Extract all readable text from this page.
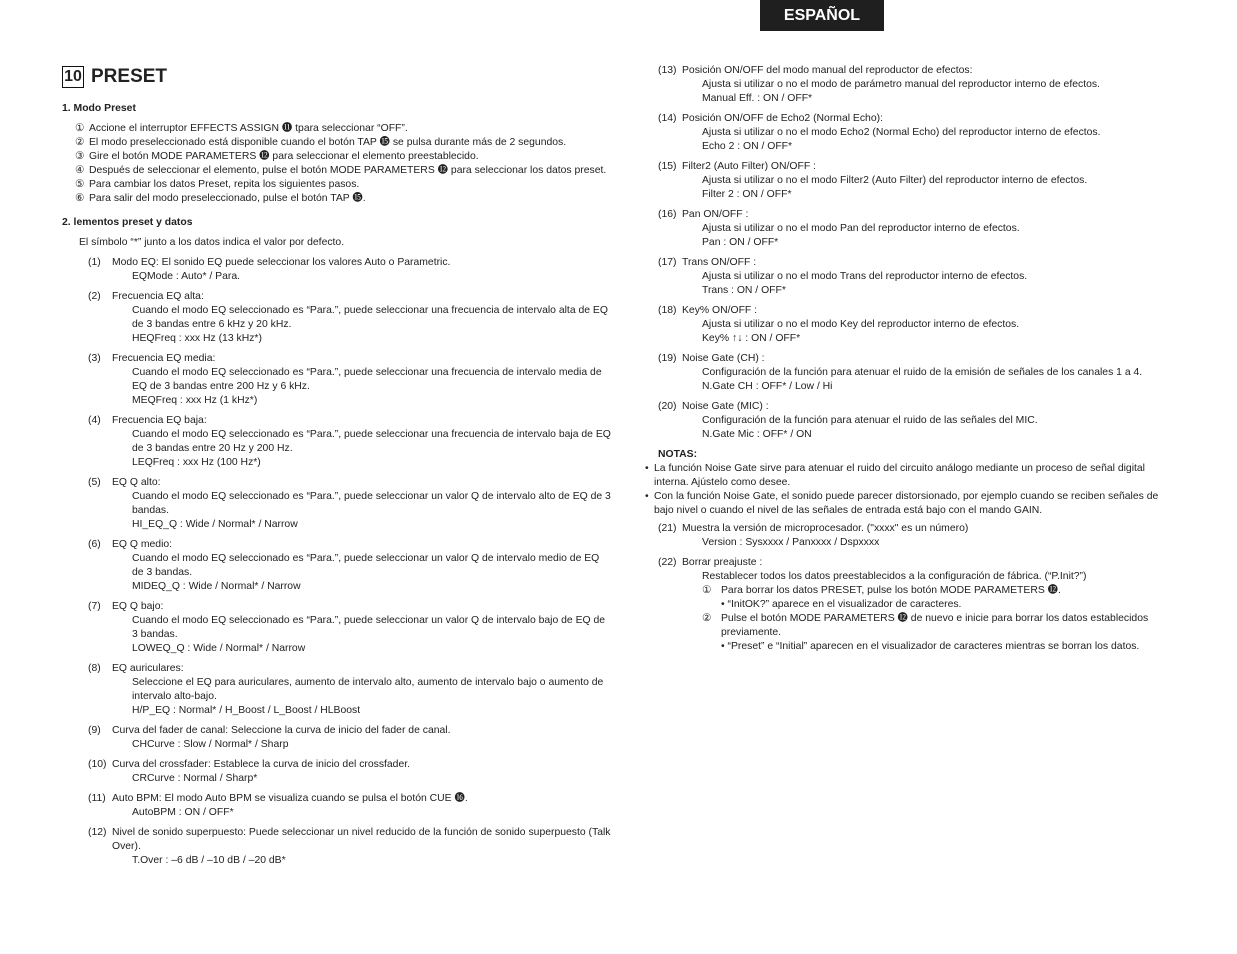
ESPAÑOL
10 PRESET
1. Modo Preset
① Accione el interruptor EFFECTS ASSIGN ⓫ tpara seleccionar “OFF”.
② El modo preseleccionado está disponible cuando el botón TAP ⓯ se pulsa durante más de 2 segundos.
③ Gire el botón MODE PARAMETERS ⓬ para seleccionar el elemento preestablecido.
④ Después de seleccionar el elemento, pulse el botón MODE PARAMETERS ⓬ para seleccionar los datos preset.
⑤ Para cambiar los datos Preset, repita los siguientes pasos.
⑥ Para salir del modo preseleccionado, pulse el botón TAP ⓯.
2. lementos preset y datos
El símbolo “*” junto a los datos indica el valor por defecto.
(1)	Modo EQ: El sonido EQ puede seleccionar los valores Auto o Parametric.
EQMode : Auto* / Para.
(2)	Frecuencia EQ alta:
Cuando el modo EQ seleccionado es “Para.”, puede seleccionar una frecuencia de intervalo alta de EQ de 3 bandas entre 6 kHz y 20 kHz.
HEQFreq : xxx Hz (13 kHz*)
(3)	Frecuencia EQ media:
Cuando el modo EQ seleccionado es “Para.”, puede seleccionar una frecuencia de intervalo media de EQ de 3 bandas entre 200 Hz y 6 kHz.
MEQFreq : xxx Hz (1 kHz*)
(4)	Frecuencia EQ baja:
Cuando el modo EQ seleccionado es “Para.”, puede seleccionar una frecuencia de intervalo baja de EQ de 3 bandas entre 20 Hz y 200 Hz.
LEQFreq : xxx Hz (100 Hz*)
(5)	EQ Q alto:
Cuando el modo EQ seleccionado es “Para.”, puede seleccionar un valor Q de intervalo alto de EQ de 3 bandas.
HI_EQ_Q : Wide / Normal* / Narrow
(6)	EQ Q medio:
Cuando el modo EQ seleccionado es “Para.”, puede seleccionar un valor Q de intervalo medio de EQ de 3 bandas.
MIDEQ_Q : Wide / Normal* / Narrow
(7)	EQ Q bajo:
Cuando el modo EQ seleccionado es “Para.”, puede seleccionar un valor Q de intervalo bajo de EQ de 3 bandas.
LOWEQ_Q : Wide / Normal* / Narrow
(8)	EQ auriculares:
Seleccione el EQ para auriculares, aumento de intervalo alto, aumento de intervalo bajo o aumento de intervalo alto-bajo.
H/P_EQ : Normal* / H_Boost / L_Boost / HLBoost
(9)	Curva del fader de canal: Seleccione la curva de inicio del fader de canal.
CHCurve : Slow / Normal* / Sharp
(10) Curva del crossfader: Establece la curva de inicio del crossfader.
CRCurve : Normal / Sharp*
(11) Auto BPM: El modo Auto BPM se visualiza cuando se pulsa el botón CUE ⓰.
AutoBPM : ON / OFF*
(12) Nivel de sonido superpuesto: Puede seleccionar un nivel reducido de la función de sonido superpuesto (Talk Over).
T.Over : –6 dB / –10 dB / –20 dB*
(13) Posición ON/OFF del modo manual del reproductor de efectos:
Ajusta si utilizar o no el modo de parámetro manual del reproductor interno de efectos.
Manual Eff. : ON / OFF*
(14) Posición ON/OFF de Echo2 (Normal Echo):
Ajusta si utilizar o no el modo Echo2 (Normal Echo) del reproductor interno de efectos.
Echo 2 : ON / OFF*
(15) Filter2 (Auto Filter) ON/OFF :
Ajusta si utilizar o no el modo Filter2 (Auto Filter) del reproductor interno de efectos.
Filter 2 : ON / OFF*
(16) Pan ON/OFF :
Ajusta si utilizar o no el modo Pan del reproductor interno de efectos.
Pan : ON / OFF*
(17) Trans ON/OFF :
Ajusta si utilizar o no el modo Trans del reproductor interno de efectos.
Trans : ON / OFF*
(18) Key% ON/OFF :
Ajusta si utilizar o no el modo Key del reproductor interno de efectos.
Key% ↑↓ : ON / OFF*
(19) Noise Gate (CH) :
Configuración de la función para atenuar el ruido de la emisión de señales de los canales 1 a 4.
N.Gate CH : OFF* / Low / Hi
(20) Noise Gate (MIC) :
Configuración de la función para atenuar el ruido de las señales del MIC.
N.Gate Mic : OFF* / ON
NOTAS:
• La función Noise Gate sirve para atenuar el ruido del circuito análogo mediante un proceso de señal digital interna. Ajústelo como desee.
• Con la función Noise Gate, el sonido puede parecer distorsionado, por ejemplo cuando se reciben señales de bajo nivel o cuando el nivel de las señales de entrada está bajo con el mando GAIN.
(21) Muestra la versión de microprocesador. ("xxxx" es un número)
Version : Sysxxxx / Panxxxx / Dspxxxx
(22) Borrar preajuste :
Restablecer todos los datos preestablecidos a la configuración de fábrica. (“P.Init?”)
① Para borrar los datos PRESET, pulse los botón MODE PARAMETERS ⓬.
• “InitOK?” aparece en el visualizador de caracteres.
② Pulse el botón MODE PARAMETERS ⓬ de nuevo e inicie para borrar los datos establecidos previamente.
• “Preset” e “Initial” aparecen en el visualizador de caracteres mientras se borran los datos.
